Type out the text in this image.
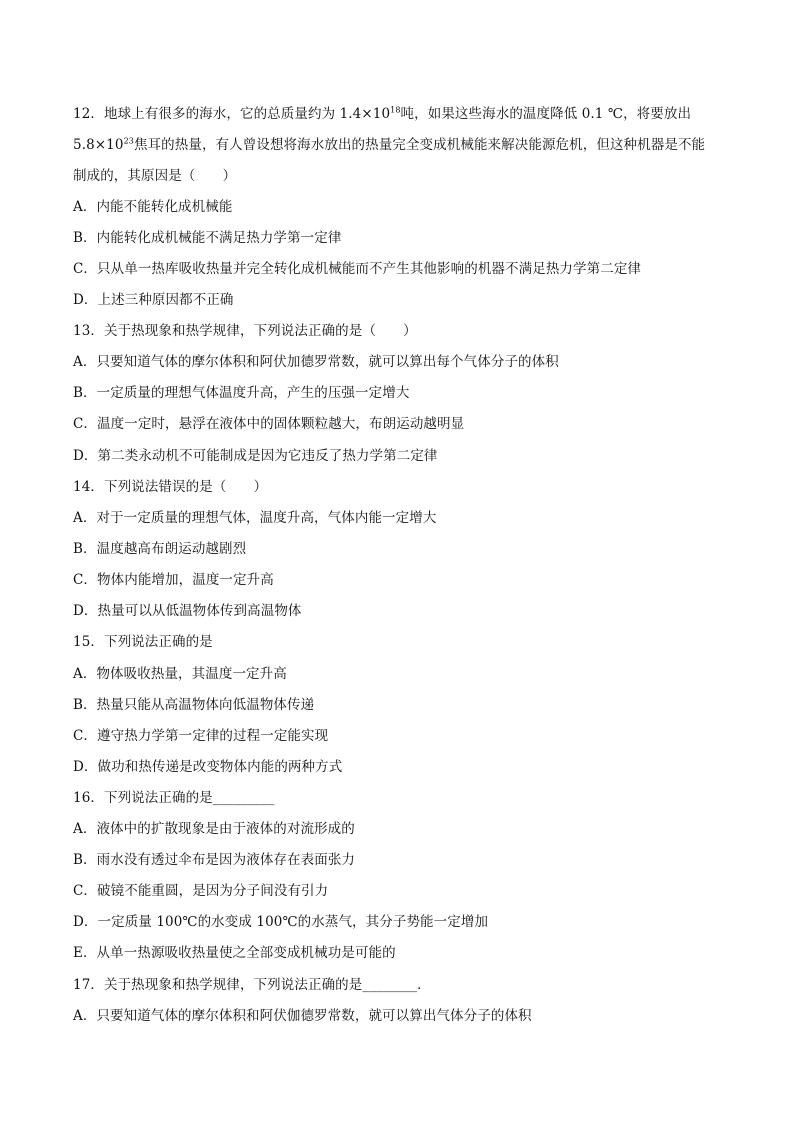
12．地球上有很多的海水，它的总质量约为 $1.4\times 10^{18}$吨，如果这些海水的温度降低 0.1 ℃，将要放出
$5.8\times 10^{23}$焦耳的热量，有人曾设想将海水放出的热量完全变成机械能来解决能源危机，但这种机器是不能
制成的，其原因是（　　）
A．内能不能转化成机械能
B．内能转化成机械能不满足热力学第一定律
C．只从单一热库吸收热量并完全转化成机械能而不产生其他影响的机器不满足热力学第二定律
D．上述三种原因都不正确
13．关于热现象和热学规律，下列说法正确的是（　　）
A．只要知道气体的摩尔体积和阿伏加德罗常数，就可以算出每个气体分子的体积
B．一定质量的理想气体温度升高，产生的压强一定增大
C．温度一定时，悬浮在液体中的固体颗粒越大，布朗运动越明显
D．第二类永动机不可能制成是因为它违反了热力学第二定律
14．下列说法错误的是（　　）
A．对于一定质量的理想气体，温度升高，气体内能一定增大
B．温度越高布朗运动越剧烈
C．物体内能增加，温度一定升高
D．热量可以从低温物体传到高温物体
15．下列说法正确的是
A．物体吸收热量，其温度一定升高
B．热量只能从高温物体向低温物体传递
C．遵守热力学第一定律的过程一定能实现
D．做功和热传递是改变物体内能的两种方式
16．下列说法正确的是_________
A．液体中的扩散现象是由于液体的对流形成的
B．雨水没有透过伞布是因为液体存在表面张力
C．破镜不能重圆，是因为分子间没有引力
D．一定质量 100℃的水变成 100℃的水蒸气，其分子势能一定增加
E．从单一热源吸收热量使之全部变成机械功是可能的
17．关于热现象和热学规律，下列说法正确的是________．
A．只要知道气体的摩尔体积和阿伏伽德罗常数，就可以算出气体分子的体积
